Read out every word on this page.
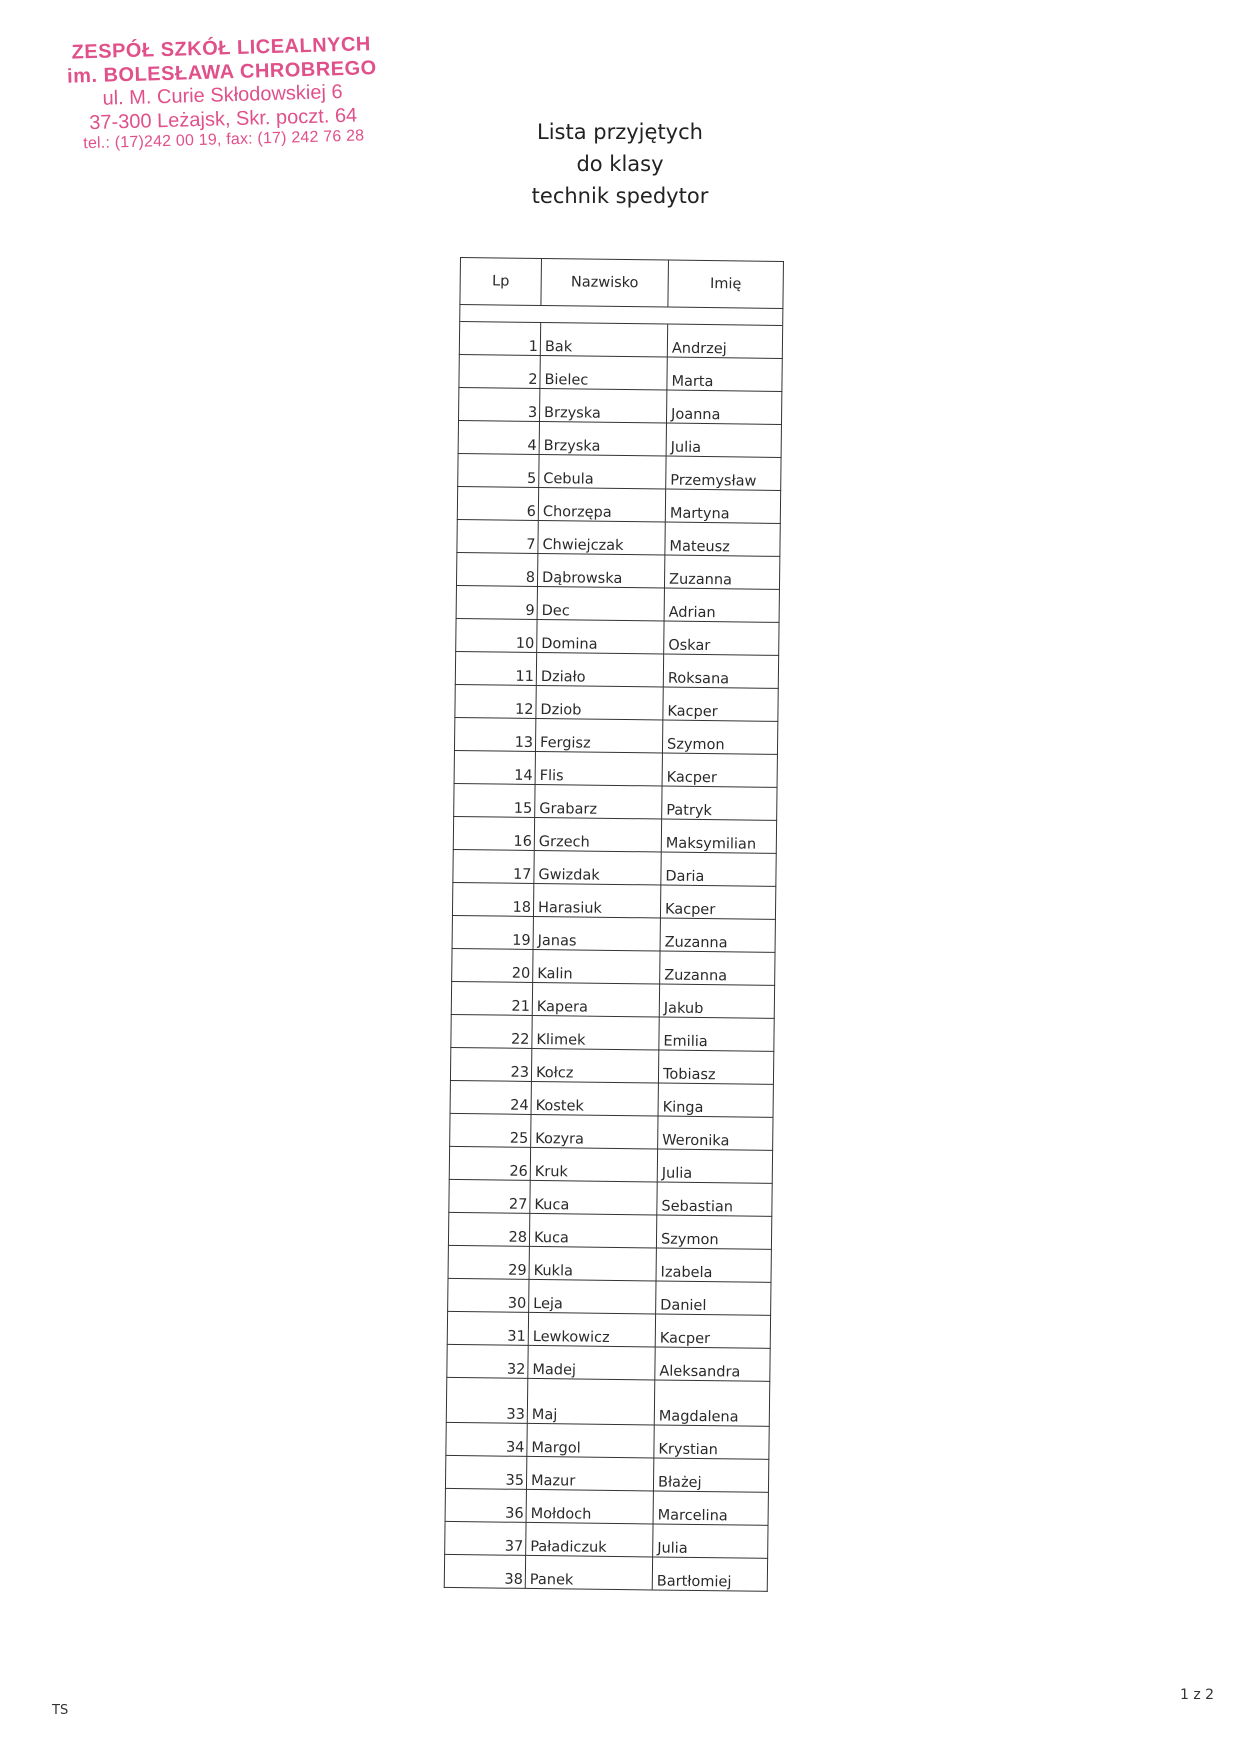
ZESPÓŁ SZKÓŁ LICEALNYCH
im. BOLESŁAWA CHROBREGO
ul. M. Curie Skłodowskiej 6
37-300 Leżajsk, Skr. poczt. 64
tel.: (17)242 00 19, fax: (17) 242 76 28	Lista przyjętych
do klasy
technik spedytor
Lp	Nazwisko	Imię

1	Bak	Andrzej
2	Bielec	Marta
3	Brzyska	Joanna
4	Brzyska	Julia
5	Cebula	Przemysław
6	Chorzępa	Martyna
7	Chwiejczak	Mateusz
8	Dąbrowska	Zuzanna
9	Dec	Adrian
10	Domina	Oskar
11	Działo	Roksana
12	Dziob	Kacper
13	Fergisz	Szymon
14	Flis	Kacper
15	Grabarz	Patryk
16	Grzech	Maksymilian
17	Gwizdak	Daria
18	Harasiuk	Kacper
19	Janas	Zuzanna
20	Kalin	Zuzanna
21	Kapera	Jakub
22	Klimek	Emilia
23	Kołcz	Tobiasz
24	Kostek	Kinga
25	Kozyra	Weronika
26	Kruk	Julia
27	Kuca	Sebastian
28	Kuca	Szymon
29	Kukla	Izabela
30	Leja	Daniel
31	Lewkowicz	Kacper
32	Madej	Aleksandra
33	Maj	Magdalena
34	Margol	Krystian
35	Mazur	Błażej
36	Mołdoch	Marcelina
37	Paładiczuk	Julia
38	Panek	Bartłomiej
TS
1 z 2
